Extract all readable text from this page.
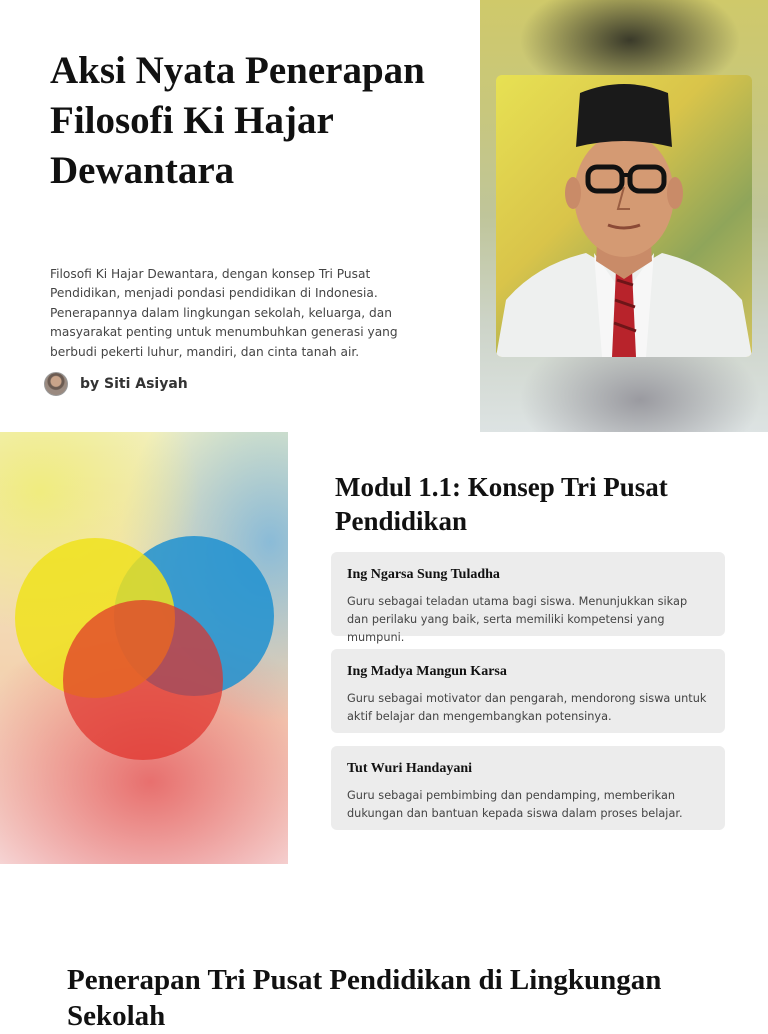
Aksi Nyata Penerapan Filosofi Ki Hajar Dewantara

Filosofi Ki Hajar Dewantara, dengan konsep Tri Pusat Pendidikan, menjadi pondasi pendidikan di Indonesia. Penerapannya dalam lingkungan sekolah, keluarga, dan masyarakat penting untuk menumbuhkan generasi yang berbudi pekerti luhur, mandiri, dan cinta tanah air.

by Siti Asiyah
Modul 1.1: Konsep Tri Pusat Pendidikan
Ing Ngarsa Sung Tuladha

Guru sebagai teladan utama bagi siswa. Menunjukkan sikap dan perilaku yang baik, serta memiliki kompetensi yang mumpuni.

Ing Madya Mangun Karsa

Guru sebagai motivator dan pengarah, mendorong siswa untuk aktif belajar dan mengembangkan potensinya.

Tut Wuri Handayani

Guru sebagai pembimbing dan pendamping, memberikan dukungan dan bantuan kepada siswa dalam proses belajar.

Penerapan Tri Pusat Pendidikan di Lingkungan Sekolah
